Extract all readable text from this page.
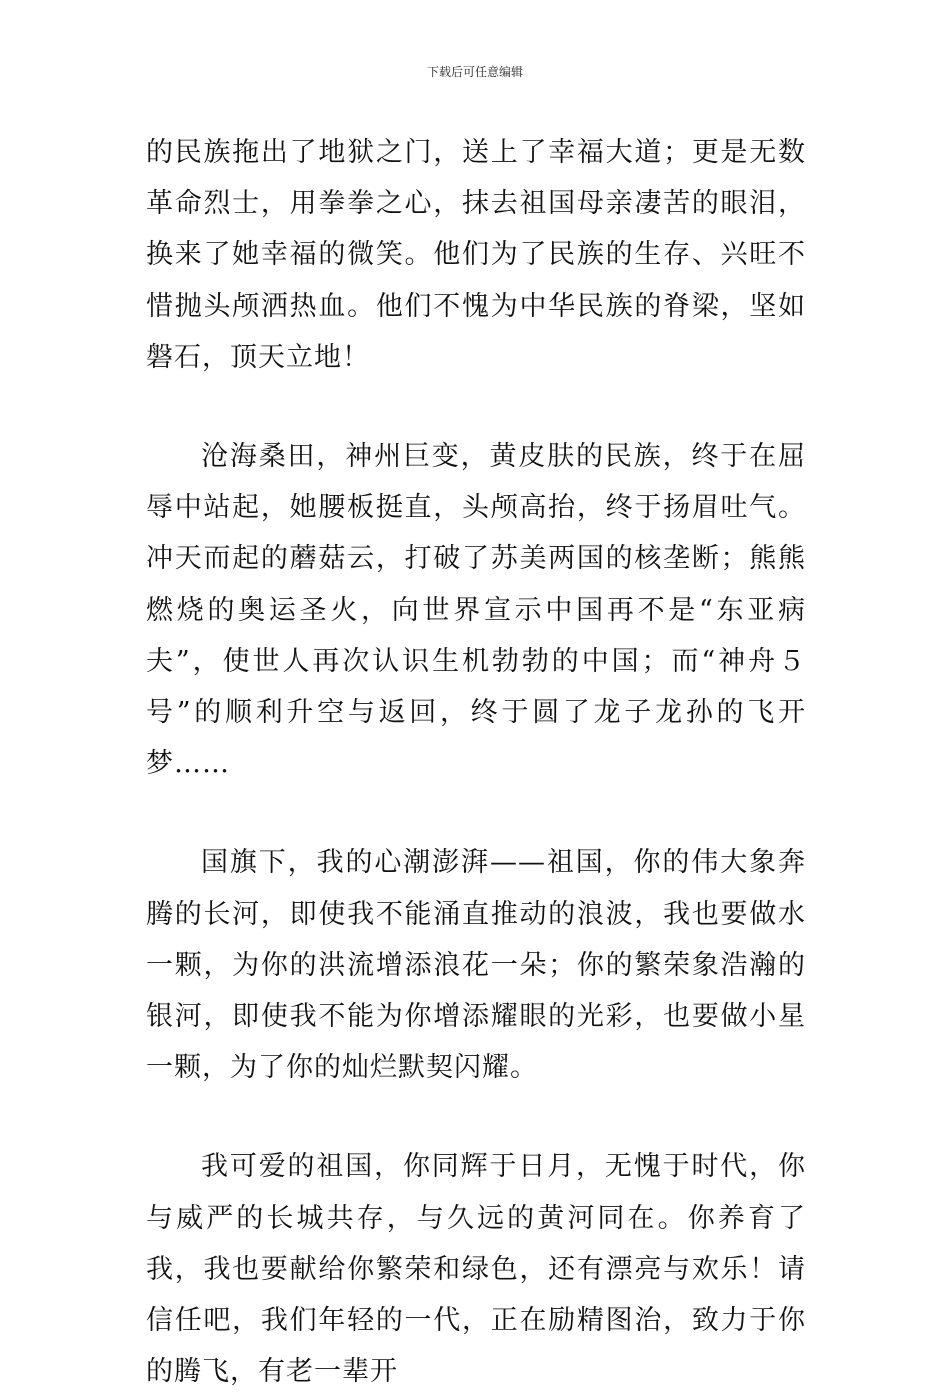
下载后可任意编辑

的民族拖出了地狱之门，送上了幸福大道；更是无数革命烈士，用拳拳之心，抹去祖国母亲凄苦的眼泪，换来了她幸福的微笑。他们为了民族的生存、兴旺不惜抛头颅洒热血。他们不愧为中华民族的脊梁，坚如磐石，顶天立地！

沧海桑田，神州巨变，黄皮肤的民族，终于在屈辱中站起，她腰板挺直，头颅高抬，终于扬眉吐气。冲天而起的蘑菇云，打破了苏美两国的核垄断；熊熊燃烧的奥运圣火，向世界宣示中国再不是“东亚病夫”，使世人再次认识生机勃勃的中国；而“神舟５号”的顺利升空与返回，终于圆了龙子龙孙的飞开梦……

国旗下，我的心潮澎湃——祖国，你的伟大象奔腾的长河，即使我不能涌直推动的浪波，我也要做水一颗，为你的洪流增添浪花一朵；你的繁荣象浩瀚的银河，即使我不能为你增添耀眼的光彩，也要做小星一颗，为了你的灿烂默契闪耀。

我可爱的祖国，你同辉于日月，无愧于时代，你与威严的长城共存，与久远的黄河同在。你养育了我，我也要献给你繁荣和绿色，还有漂亮与欢乐！请信任吧，我们年轻的一代，正在励精图治，致力于你的腾飞，有老一辈开
